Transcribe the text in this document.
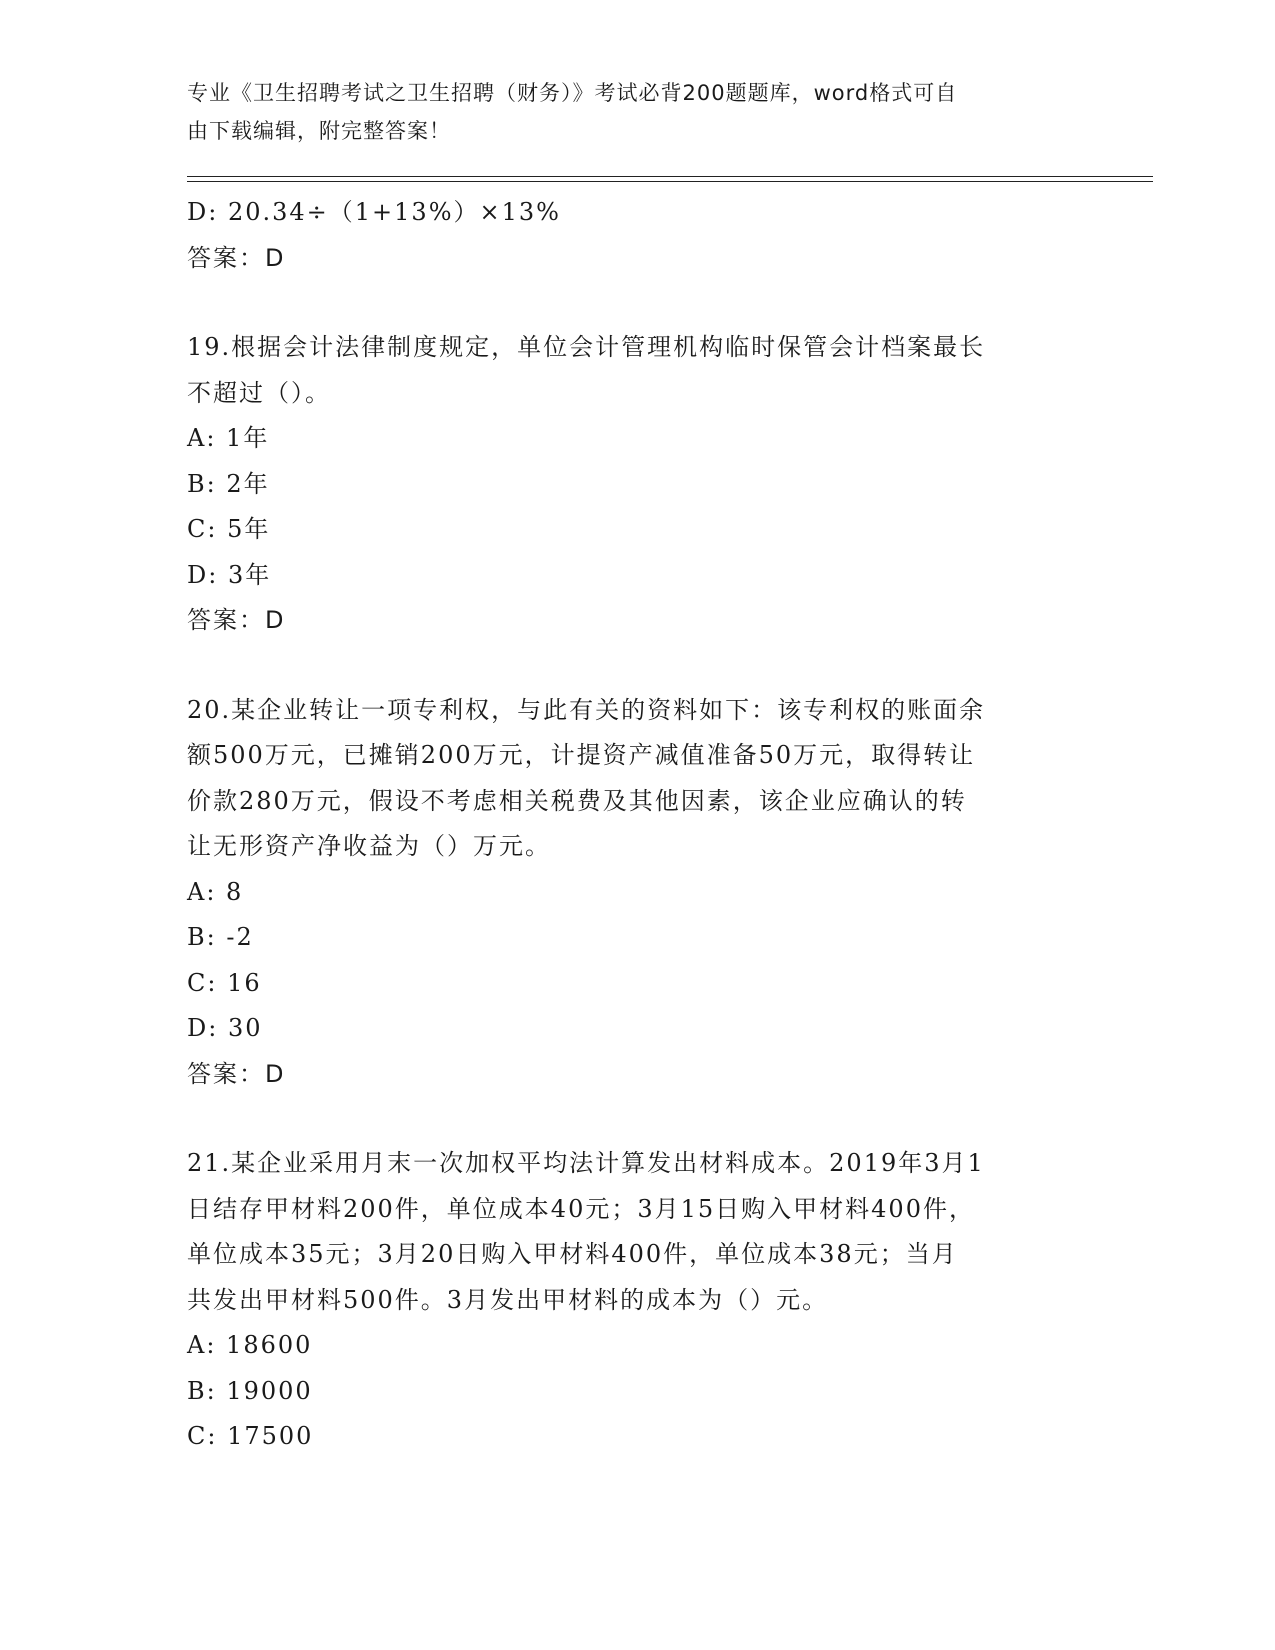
专业《卫生招聘考试之卫生招聘（财务）》考试必背200题题库，word格式可自
由下载编辑，附完整答案！
D: 20.34÷（1+13%）×13%
答案：D
19.根据会计法律制度规定，单位会计管理机构临时保管会计档案最长
不超过（）。
A: 1年
B: 2年
C: 5年
D: 3年
答案：D
20.某企业转让一项专利权，与此有关的资料如下：该专利权的账面余
额500万元，已摊销200万元，计提资产减值准备50万元，取得转让
价款280万元，假设不考虑相关税费及其他因素，该企业应确认的转
让无形资产净收益为（）万元。
A: 8
B: -2
C: 16
D: 30
答案：D
21.某企业采用月末一次加权平均法计算发出材料成本。2019年3月1
日结存甲材料200件，单位成本40元；3月15日购入甲材料400件，
单位成本35元；3月20日购入甲材料400件，单位成本38元；当月
共发出甲材料500件。3月发出甲材料的成本为（）元。
A: 18600
B: 19000
C: 17500
